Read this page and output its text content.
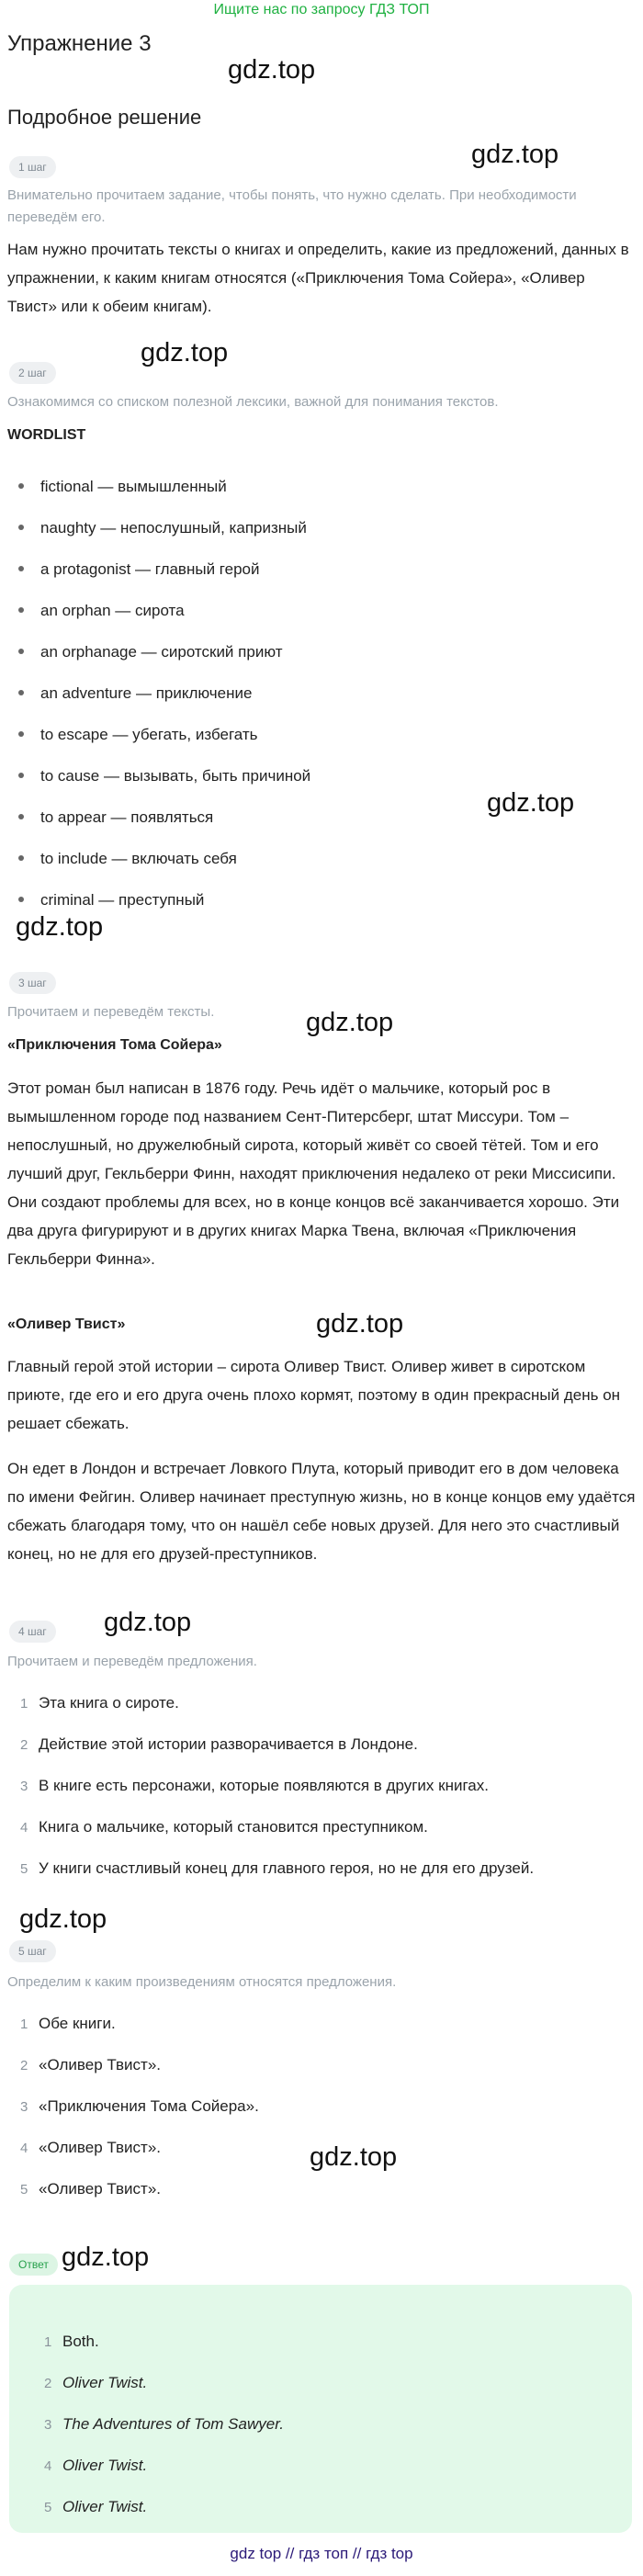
Ищите нас по запросу ГДЗ ТОП
Упражнение 3
Подробное решение
gdz.top
gdz.top
gdz.top
gdz.top
gdz.top
gdz.top
gdz.top
gdz.top
gdz.top
gdz.top
gdz.top
1 шаг
Внимательно прочитаем задание, чтобы понять, что нужно сделать. При необходимости переведём его.
Нам нужно прочитать тексты о книгах и определить, какие из предложений, данных в упражнении, к каким книгам относятся («Приключения Тома Сойера», «Оливер Твист» или к обеим книгам).
2 шаг
Ознакомимся со списком полезной лексики, важной для понимания текстов.
WORDLIST
fictional — вымышленный
naughty — непослушный, капризный
a protagonist — главный герой
an orphan — сирота
an orphanage — сиротский приют
an adventure — приключение
to escape — убегать, избегать
to cause — вызывать, быть причиной
to appear — появляться
to include — включать себя
criminal — преступный
3 шаг
Прочитаем и переведём тексты.
«Приключения Тома Сойера»
Этот роман был написан в 1876 году. Речь идёт о мальчике, который рос в вымышленном городе под названием Сент-Питерсберг, штат Миссури. Том – непослушный, но дружелюбный сирота, который живёт со своей тётей. Том и его лучший друг, Гекльберри Финн, находят приключения недалеко от реки Миссисипи. Они создают проблемы для всех, но в конце концов всё заканчивается хорошо. Эти два друга фигурируют и в других книгах Марка Твена, включая «Приключения Гекльберри Финна».
«Оливер Твист»
Главный герой этой истории – сирота Оливер Твист. Оливер живет в сиротском приюте, где его и его друга очень плохо кормят, поэтому в один прекрасный день он решает сбежать.
Он едет в Лондон и встречает Ловкого Плута, который приводит его в дом человека по имени Фейгин. Оливер начинает преступную жизнь, но в конце концов ему удаётся сбежать благодаря тому, что он нашёл себе новых друзей. Для него это счастливый конец, но не для его друзей-преступников.
4 шаг
Прочитаем и переведём предложения.
1 Эта книга о сироте.
2 Действие этой истории разворачивается в Лондоне.
3 В книге есть персонажи, которые появляются в других книгах.
4 Книга о мальчике, который становится преступником.
5 У книги счастливый конец для главного героя, но не для его друзей.
5 шаг
Определим к каким произведениям относятся предложения.
1 Обе книги.
2 «Оливер Твист».
3 «Приключения Тома Сойера».
4 «Оливер Твист».
5 «Оливер Твист».
Ответ
1 Both.
2 Oliver Twist.
3 The Adventures of Tom Sawyer.
4 Oliver Twist.
5 Oliver Twist.
gdz top // гдз топ // гдз top
